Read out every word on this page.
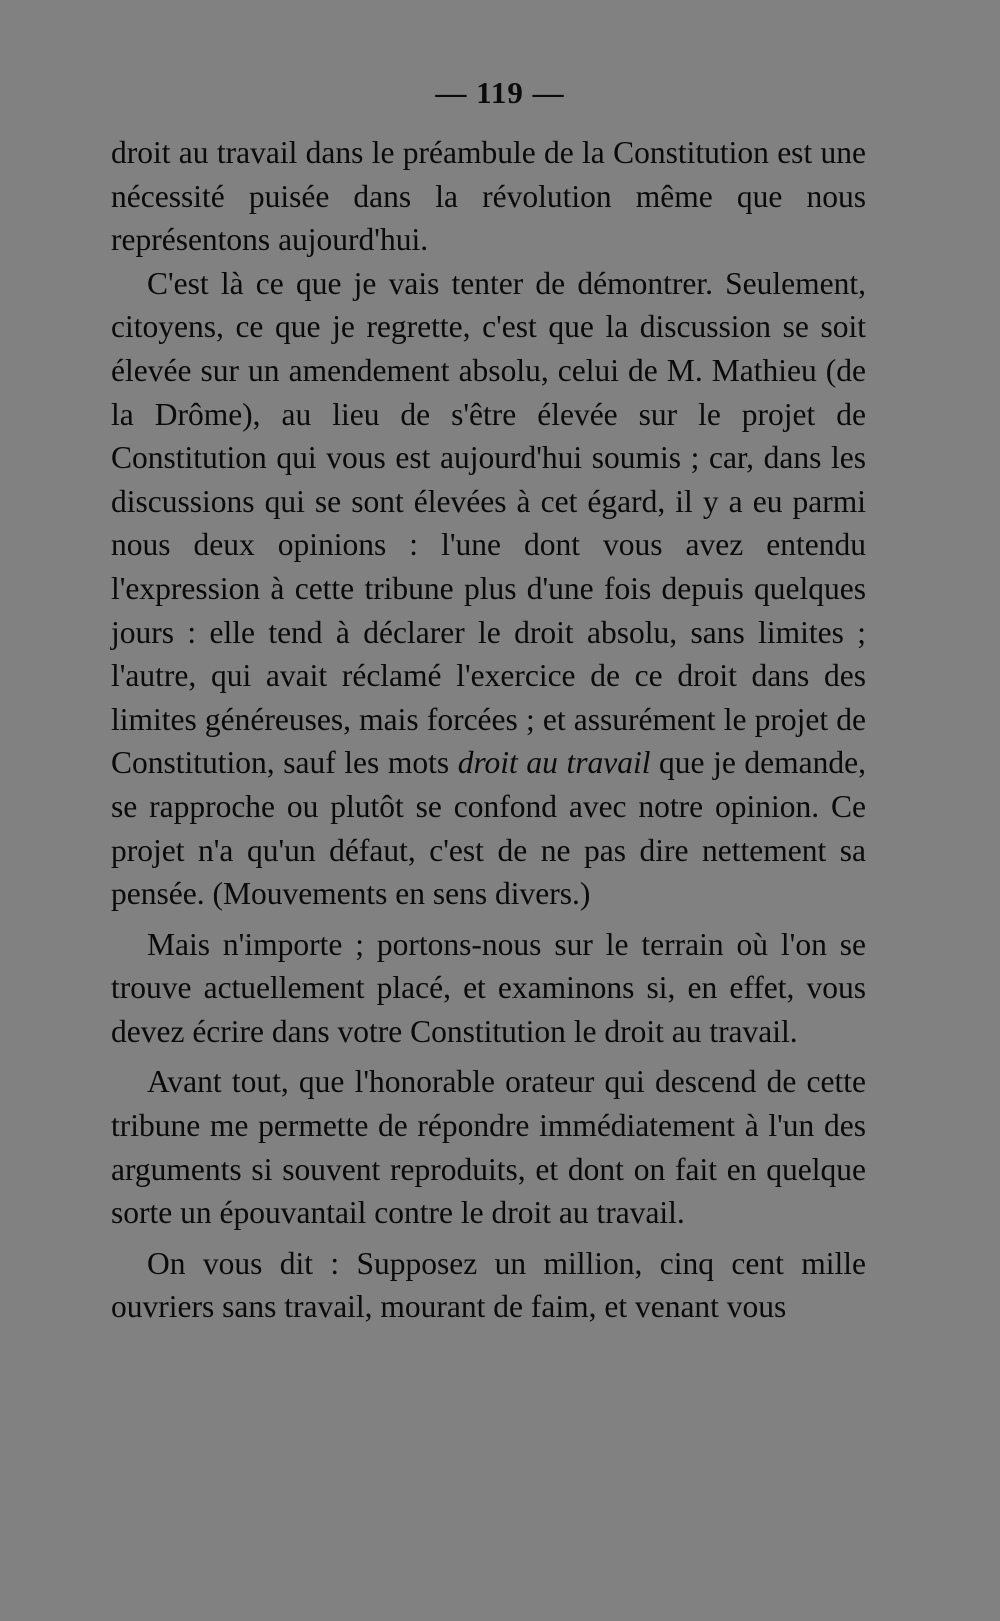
— 119 —

droit au travail dans le préambule de la Constitution est une nécessité puisée dans la révolution même que nous représentons aujourd'hui.

C'est là ce que je vais tenter de démontrer. Seulement, citoyens, ce que je regrette, c'est que la discussion se soit élevée sur un amendement absolu, celui de M. Mathieu (de la Drôme), au lieu de s'être élevée sur le projet de Constitution qui vous est aujourd'hui soumis ; car, dans les discussions qui se sont élevées à cet égard, il y a eu parmi nous deux opinions : l'une dont vous avez entendu l'expression à cette tribune plus d'une fois depuis quelques jours : elle tend à déclarer le droit absolu, sans limites ; l'autre, qui avait réclamé l'exercice de ce droit dans des limites généreuses, mais forcées ; et assurément le projet de Constitution, sauf les mots droit au travail que je demande, se rapproche ou plutôt se confond avec notre opinion. Ce projet n'a qu'un défaut, c'est de ne pas dire nettement sa pensée. (Mouvements en sens divers.)

Mais n'importe ; portons-nous sur le terrain où l'on se trouve actuellement placé, et examinons si, en effet, vous devez écrire dans votre Constitution le droit au travail.

Avant tout, que l'honorable orateur qui descend de cette tribune me permette de répondre immédiatement à l'un des arguments si souvent reproduits, et dont on fait en quelque sorte un épouvantail contre le droit au travail.

On vous dit : Supposez un million, cinq cent mille ouvriers sans travail, mourant de faim, et venant vous
